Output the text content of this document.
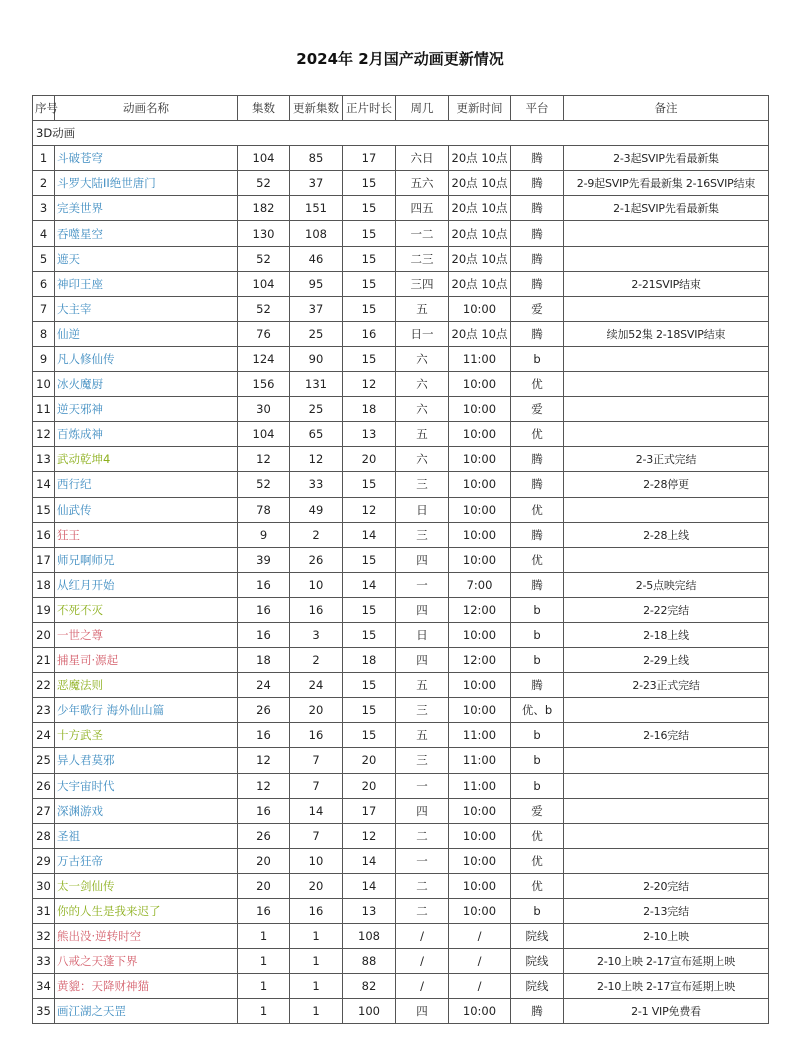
2024年 2月国产动画更新情况
序号	动画名称	集数	更新集数	正片时长	周几	更新时间	平台	备注
3D动画								
1	斗破苍穹	104	85	17	六日	20点 10点	腾	2-3起SVIP先看最新集
2	斗罗大陆II绝世唐门	52	37	15	五六	20点 10点	腾	2-9起SVIP先看最新集 2-16SVIP结束
3	完美世界	182	151	15	四五	20点 10点	腾	2-1起SVIP先看最新集
4	吞噬星空	130	108	15	一二	20点 10点	腾	
5	遮天	52	46	15	二三	20点 10点	腾	
6	神印王座	104	95	15	三四	20点 10点	腾	2-21SVIP结束
7	大主宰	52	37	15	五	10:00	爱	
8	仙逆	76	25	16	日一	20点 10点	腾	续加52集 2-18SVIP结束
9	凡人修仙传	124	90	15	六	11:00	b	
10	冰火魔厨	156	131	12	六	10:00	优	
11	逆天邪神	30	25	18	六	10:00	爱	
12	百炼成神	104	65	13	五	10:00	优	
13	武动乾坤4	12	12	20	六	10:00	腾	2-3正式完结
14	西行纪	52	33	15	三	10:00	腾	2-28停更
15	仙武传	78	49	12	日	10:00	优	
16	狂王	9	2	14	三	10:00	腾	2-28上线
17	师兄啊师兄	39	26	15	四	10:00	优	
18	从红月开始	16	10	14	一	7:00	腾	2-5点映完结
19	不死不灭	16	16	15	四	12:00	b	2-22完结
20	一世之尊	16	3	15	日	10:00	b	2-18上线
21	捕星司·源起	18	2	18	四	12:00	b	2-29上线
22	恶魔法则	24	24	15	五	10:00	腾	2-23正式完结
23	少年歌行 海外仙山篇	26	20	15	三	10:00	优、b	
24	十方武圣	16	16	15	五	11:00	b	2-16完结
25	异人君莫邪	12	7	20	三	11:00	b	
26	大宇宙时代	12	7	20	一	11:00	b	
27	深渊游戏	16	14	17	四	10:00	爱	
28	圣祖	26	7	12	二	10:00	优	
29	万古狂帝	20	10	14	一	10:00	优	
30	太一剑仙传	20	20	14	二	10:00	优	2-20完结
31	你的人生是我来迟了	16	16	13	二	10:00	b	2-13完结
32	熊出没·逆转时空	1	1	108	/	/	院线	2-10上映
33	八戒之天蓬下界	1	1	88	/	/	院线	2-10上映 2-17宣布延期上映
34	黄貔：天降财神猫	1	1	82	/	/	院线	2-10上映 2-17宣布延期上映
35	画江湖之天罡	1	1	100	四	10:00	腾	2-1 VIP免费看
